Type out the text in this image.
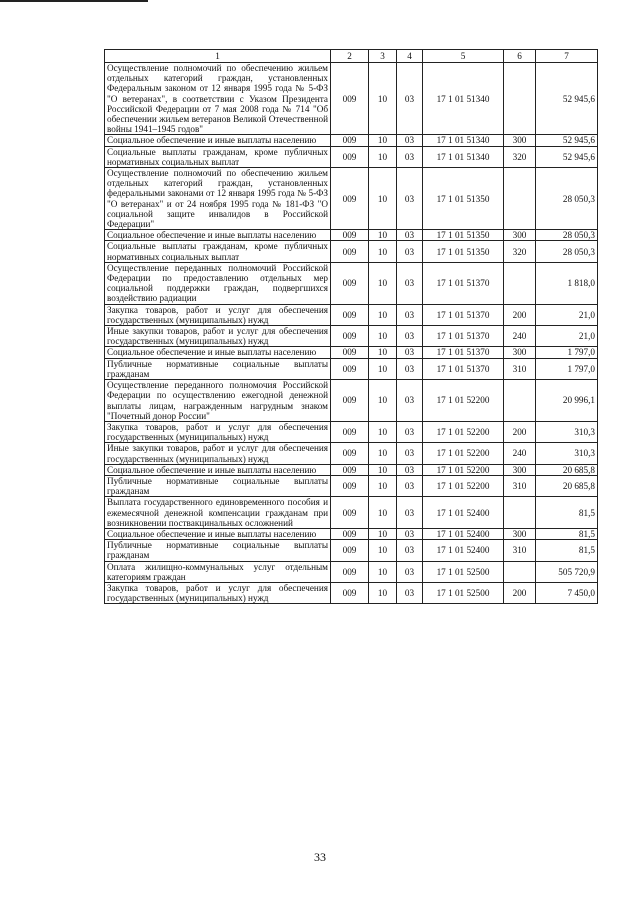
1	2	3	4	5	6	7
Осуществление полномочий по обеспечению жильем отдельных категорий граждан, установленных Федеральным законом от 12 января 1995 года № 5-ФЗ "О ветеранах", в соответствии с Указом Президента Российской Федерации от 7 мая 2008 года № 714 "Об обеспечении жильем ветеранов Великой Отечественной войны 1941–1945 годов"	009	10	03	17 1 01 51340		52 945,6
Социальное обеспечение и иные выплаты населению	009	10	03	17 1 01 51340	300	52 945,6
Социальные выплаты гражданам, кроме публичных нормативных социальных выплат	009	10	03	17 1 01 51340	320	52 945,6
Осуществление полномочий по обеспечению жильем отдельных категорий граждан, установленных федеральными законами от 12 января 1995 года № 5-ФЗ "О ветеранах" и от 24 ноября 1995 года № 181-ФЗ "О социальной защите инвалидов в Российской Федерации"	009	10	03	17 1 01 51350		28 050,3
Социальное обеспечение и иные выплаты населению	009	10	03	17 1 01 51350	300	28 050,3
Социальные выплаты гражданам, кроме публичных нормативных социальных выплат	009	10	03	17 1 01 51350	320	28 050,3
Осуществление переданных полномочий Российской Федерации по предоставлению отдельных мер социальной поддержки граждан, подвергшихся воздействию радиации	009	10	03	17 1 01 51370		1 818,0
Закупка товаров, работ и услуг для обеспечения государственных (муниципальных) нужд	009	10	03	17 1 01 51370	200	21,0
Иные закупки товаров, работ и услуг для обеспечения государственных (муниципальных) нужд	009	10	03	17 1 01 51370	240	21,0
Социальное обеспечение и иные выплаты населению	009	10	03	17 1 01 51370	300	1 797,0
Публичные нормативные социальные выплаты гражданам	009	10	03	17 1 01 51370	310	1 797,0
Осуществление переданного полномочия Российской Федерации по осуществлению ежегодной денежной выплаты лицам, награжденным нагрудным знаком "Почетный донор России"	009	10	03	17 1 01 52200		20 996,1
Закупка товаров, работ и услуг для обеспечения государственных (муниципальных) нужд	009	10	03	17 1 01 52200	200	310,3
Иные закупки товаров, работ и услуг для обеспечения государственных (муниципальных) нужд	009	10	03	17 1 01 52200	240	310,3
Социальное обеспечение и иные выплаты населению	009	10	03	17 1 01 52200	300	20 685,8
Публичные нормативные социальные выплаты гражданам	009	10	03	17 1 01 52200	310	20 685,8
Выплата государственного единовременного пособия и ежемесячной денежной компенсации гражданам при возникновении поствакцинальных осложнений	009	10	03	17 1 01 52400		81,5
Социальное обеспечение и иные выплаты населению	009	10	03	17 1 01 52400	300	81,5
Публичные нормативные социальные выплаты гражданам	009	10	03	17 1 01 52400	310	81,5
Оплата жилищно-коммунальных услуг отдельным категориям граждан	009	10	03	17 1 01 52500		505 720,9
Закупка товаров, работ и услуг для обеспечения государственных (муниципальных) нужд	009	10	03	17 1 01 52500	200	7 450,0
33
